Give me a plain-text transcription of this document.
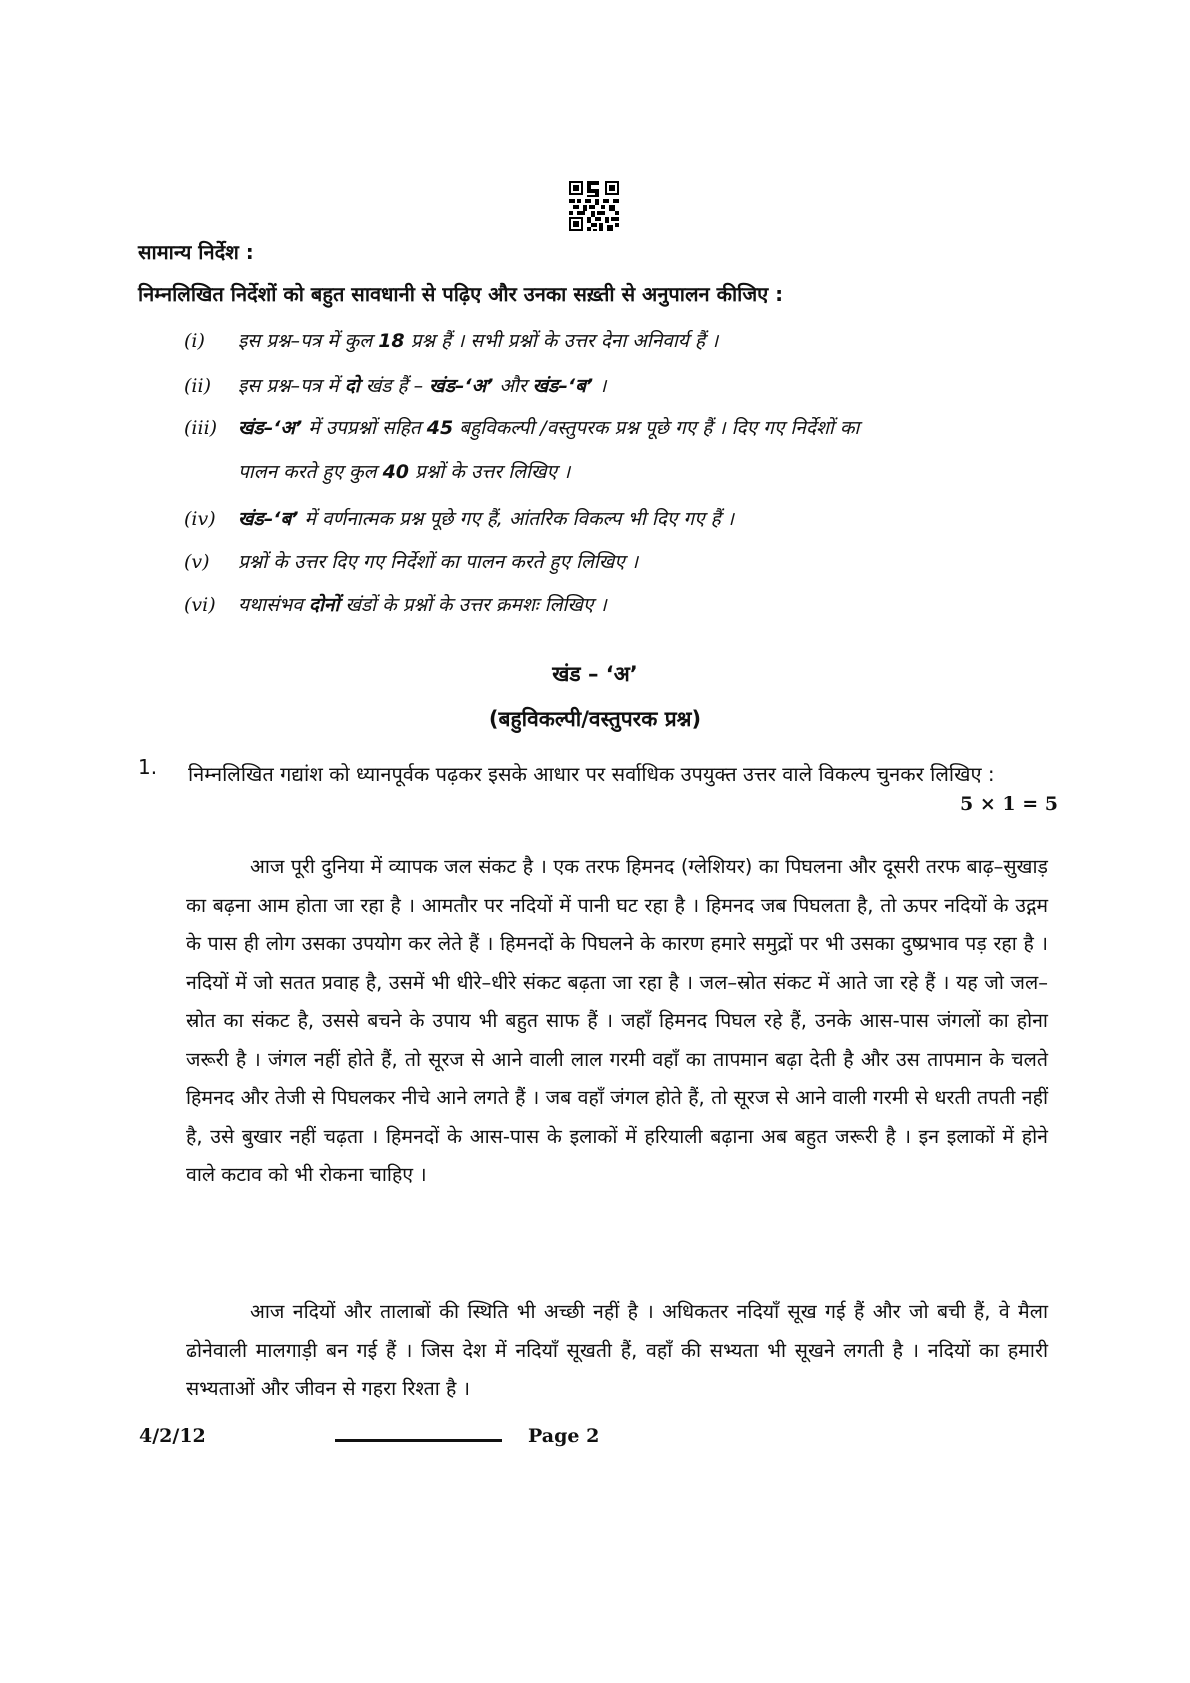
सामान्य निर्देश :
निम्नलिखित निर्देशों को बहुत सावधानी से पढ़िए और उनका सख़्ती से अनुपालन कीजिए :
(i) इस प्रश्न–पत्र में कुल 18 प्रश्न हैं । सभी प्रश्नों के उत्तर देना अनिवार्य हैं ।
(ii) इस प्रश्न–पत्र में दो खंड हैं – खंड–‘अ’ और खंड–‘ब’ ।
(iii) खंड–‘अ’ में उपप्रश्नों सहित 45 बहुविकल्पी /वस्तुपरक प्रश्न पूछे गए हैं । दिए गए निर्देशों का
पालन करते हुए कुल 40 प्रश्नों के उत्तर लिखिए ।
(iv) खंड–‘ब’ में वर्णनात्मक प्रश्न पूछे गए हैं, आंतरिक विकल्प भी दिए गए हैं ।
(v) प्रश्नों के उत्तर दिए गए निर्देशों का पालन करते हुए लिखिए ।
(vi) यथासंभव दोनों खंडों के प्रश्नों के उत्तर क्रमशः लिखिए ।
खंड – ‘अ’
(बहुविकल्पी/वस्तुपरक प्रश्न)
1. निम्नलिखित गद्यांश को ध्यानपूर्वक पढ़कर इसके आधार पर सर्वाधिक उपयुक्त उत्तर वाले विकल्प चुनकर लिखिए :
5 × 1 = 5

आज पूरी दुनिया में व्यापक जल संकट है । एक तरफ हिमनद (ग्लेशियर) का पिघलना और दूसरी तरफ बाढ़–सुखाड़ का बढ़ना आम होता जा रहा है । आमतौर पर नदियों में पानी घट रहा है । हिमनद जब पिघलता है, तो ऊपर नदियों के उद्गम के पास ही लोग उसका उपयोग कर लेते हैं । हिमनदों के पिघलने के कारण हमारे समुद्रों पर भी उसका दुष्प्रभाव पड़ रहा है । नदियों में जो सतत प्रवाह है, उसमें भी धीरे–धीरे संकट बढ़ता जा रहा है । जल–स्रोत संकट में आते जा रहे हैं । यह जो जल–स्रोत का संकट है, उससे बचने के उपाय भी बहुत साफ हैं । जहाँ हिमनद पिघल रहे हैं, उनके आस-पास जंगलों का होना जरूरी है । जंगल नहीं होते हैं, तो सूरज से आने वाली लाल गरमी वहाँ का तापमान बढ़ा देती है और उस तापमान के चलते हिमनद और तेजी से पिघलकर नीचे आने लगते हैं । जब वहाँ जंगल होते हैं, तो सूरज से आने वाली गरमी से धरती तपती नहीं है, उसे बुखार नहीं चढ़ता । हिमनदों के आस-पास के इलाकों में हरियाली बढ़ाना अब बहुत जरूरी है । इन इलाकों में होने वाले कटाव को भी रोकना चाहिए ।

आज नदियों और तालाबों की स्थिति भी अच्छी नहीं है । अधिकतर नदियाँ सूख गई हैं और जो बची हैं, वे मैला ढोनेवाली मालगाड़ी बन गई हैं । जिस देश में नदियाँ सूखती हैं, वहाँ की सभ्यता भी सूखने लगती है । नदियों का हमारी सभ्यताओं और जीवन से गहरा रिश्ता है ।

4/2/12	Page 2
